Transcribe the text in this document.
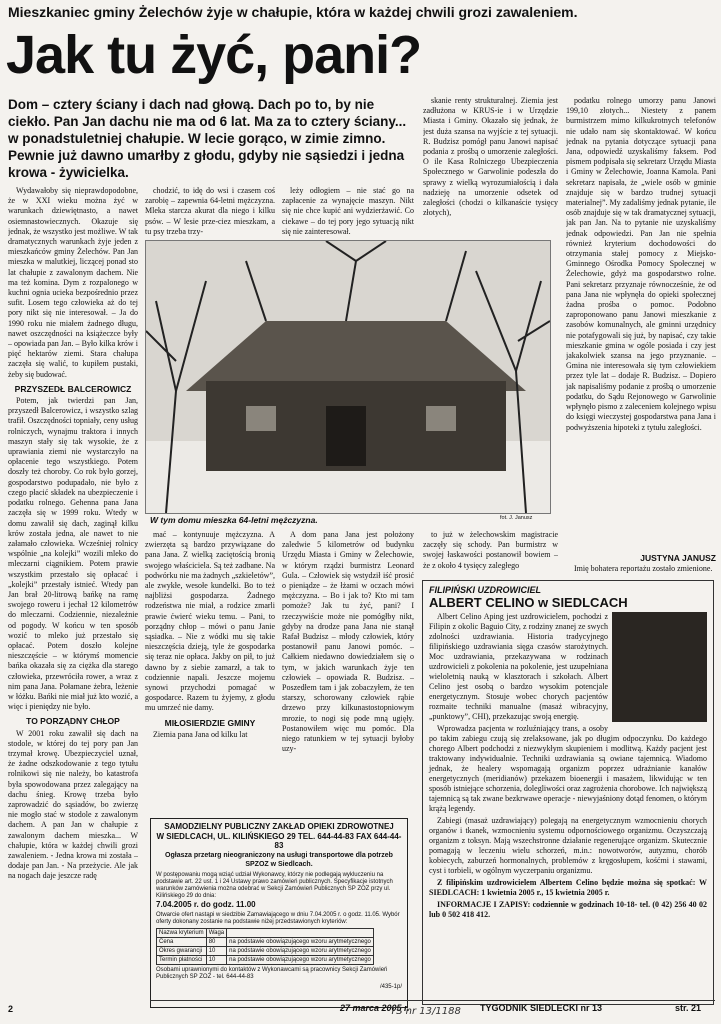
Mieszkaniec gminy Żelechów żyje w chałupie, która w każdej chwili grozi zawaleniem.
Jak tu żyć, pani?
Dom – cztery ściany i dach nad głową. Dach po to, by nie ciekło. Pan Jan dachu nie ma od 6 lat. Ma za to cztery ściany... w ponadstuletniej chałupie. W lecie gorąco, w zimie zimno. Pewnie już dawno umarłby z głodu, gdyby nie sąsiedzi i jedna krowa - żywicielka.

Wydawałoby się nieprawdopodobne, że w XXI wieku można żyć w warunkach dziewiętnasto, a nawet osiemnastowiecznych. Okazuje się jednak, że wszystko jest możliwe. W tak dramatycznych warunkach żyje jeden z mieszkańców gminy Żelechów. Pan Jan mieszka w malutkiej, liczącej ponad sto lat chałupie z zawalonym dachem. Nie ma też komina. Dym z rozpalonego w kuchni ognia ucieka bezpośrednio przez sufit. Losem tego człowieka aż do tej pory nikt się nie interesował. – Ja do 1990 roku nie miałem żadnego długu, nawet oszczędności na książeczce były – opowiada pan Jan. – Było kilka krów i pięć hektarów ziemi. Stara chałupa zaczęła się walić, to kupiłem pustaki, żeby się budować.

PRZYSZEDŁ BALCEROWICZ

Potem, jak twierdzi pan Jan, przyszedł Balcerowicz, i wszystko szlag trafił. Oszczędności topniały, ceny usług rolniczych, wynajmu traktora i innych maszyn stały się tak wysokie, że z uprawiania ziemi nie wystarczyło na opłacenie tego wszystkiego. Potem doszły też choroby. Co rok było gorzej, gospodarstwo podupadało, nie było z czego płacić składek na ubezpieczenie i podatku rolnego. Gehenna pana Jana zaczęła się w 1999 roku. Wtedy w domu zawalił się dach, zaginął kilku krów została jedna, ale nawet to nie załamało człowieka. Wcześniej rolnicy wspólnie „na kolejki” wozili mleko do mleczarni ciągnikiem. Potem prawie wszystkim przestało się opłacać i „kolejki” przestały istnieć. Wtedy pan Jan brał 20-litrową bańkę na ramę swojego roweru i jechał 12 kilometrów do mleczarni. Codziennie, niezależnie od pogody. W końcu w ten sposób wozić to mleko już przestało się opłacać. Potem doszło kolejne nieszczęście – w którymś momencie bańka okazała się za ciężka dla starego człowieka, przewróciła rower, a wraz z nim pana Jana. Połamane żebra, leżenie w łóżku. Bańki nie miał już kto wozić, a więc i pieniędzy nie było.

TO PORZĄDNY CHŁOP

W 2001 roku zawalił się dach na stodole, w której do tej pory pan Jan trzymał krowę. Ubezpieczyciel uznał, że żadne odszkodowanie z tego tytułu rolnikowi się nie należy, bo katastrofa była spowodowana przez zalegający na dachu śnieg. Krowę trzeba było zaprowadzić do sąsiadów, bo zwierzę nie mogło stać w stodole z zawalonym dachem. A pan Jan w chałupie z zawalonym dachem mieszka... W chałupie, która w każdej chwili grozi zawaleniem. - Jedna krowa mi została – dodaje pan Jan. - Na przeżycie. Ale jak na nogach daje jeszcze radę

chodzić, to idę do wsi i czasem coś zarobię – zapewnia 64-letni mężczyzna. Mleka starcza akurat dla niego i kilku psów. – W lesie prze-ciez mieszkam, a tu psy trzeba trzy-

leży odłogiem – nie stać go na zapłacenie za wynajęcie maszyn. Nikt się nie chce kupić ani wydzierżawić. Co ciekawe – do tej pory jego sytuacją nikt się nie zainteresował.

skanie renty strukturalnej. Ziemia jest zadłużona w KRUS-ie i w Urzędzie Miasta i Gminy. Okazało się jednak, że jest duża szansa na wyjście z tej sytuacji. R. Budzisz pomógł panu Janowi napisać podania z prośbą o umorzenie zaległości. O ile Kasa Rolniczego Ubezpieczenia Społecznego w Garwolinie podeszła do sprawy z wielką wyrozumiałością i dała nadzieję na umorzenie odsetek od zaległości (chodzi o kilkanaście tysięcy złotych),

podatku rolnego umorzy panu Janowi 199,10 złotych... Niestety z panem burmistrzem mimo kilkukrotnych telefonów nie udało nam się skontaktować. W końcu jednak na pytania dotyczące sytuacji pana Jana, odpowiedź uzyskaliśmy faksem. Pod pismem podpisała się sekretarz Urzędu Miasta i Gminy w Żelechowie, Joanna Kamola. Pani sekretarz napisała, że „wiele osób w gminie znajduje się w bardzo trudnej sytuacji materialnej”. My zadaliśmy jednak pytanie, ile osób znajduje się w tak dramatycznej sytuacji, jak pan Jan. Na to pytanie nie uzyskaliśmy jednak odpowiedzi. Pan Jan nie spełnia również kryterium dochodowości do otrzymania stałej pomocy z Miejsko-Gminnego Ośrodka Pomocy Społecznej w Żelechowie, gdyż ma gospodarstwo rolne. Pani sekretarz przyznaje równocześnie, że od pana Jana nie wpłynęła do opieki społecznej żadna prośba o pomoc. Podobno zaproponowano panu Janowi mieszkanie z zasobów komunalnych, ale gminni urzędnicy nie potafygowali się już, by napisać, czy takie mieszkanie gmina w ogóle posiada i czy jest jakakolwiek szansa na jego przyznanie. – Gmina nie interesowała się tym człowiekiem przez tyle lat – dodaje R. Budzisz. – Dopiero jak napisaliśmy podanie z prośbą o umorzenie podatku, do Sądu Rejonowego w Garwolinie wpłynęło pismo z zaleceniem kolejnego wpisu do księgi wieczystej gospodarstwa pana Jana i podwyższenia hipoteki z tytułu zaległości.

JUSTYNA JANUSZ

Imię bohatera reportażu zostało zmienione.

W tym domu mieszka 64-letni mężczyzna.	fot. J. Janusz

mać – kontynuuje mężczyzna. A zwierzęta są bardzo przywiązane do pana Jana. Z wielką zaciętością bronią swojego właściciela. Są też zadbane. Na podwórku nie ma żadnych „szkieletów”, ale zwykłe, wesołe kundelki. Bo to też najbliżsi gospodarza. Żadnego rodzeństwa nie miał, a rodzice zmarli prawie ćwierć wieku temu. – Pani, to porządny chłop – mówi o panu Janie sąsiadka. – Nie z wódki mu się takie nieszczęścia dzieją, tyle że gospodarka się teraz nie opłaca. Jakby on pił, to już dawno by z siebie zamarzł, a tak to codziennie napali. Jeszcze mojemu synowi przychodzi pomagać w gospodarce. Razem tu żyjemy, z głodu mu umrzeć nie damy.

MIŁOSIERDZIE GMINY

Ziemia pana Jana od kilku lat

A dom pana Jana jest położony zaledwie 5 kilometrów od budynku Urzędu Miasta i Gminy w Żelechowie, w którym rządzi burmistrz Leonard Gula. – Człowiek się wstydził iść prosić o pieniądze – że łżami w oczach mówi mężczyzna. – Bo i jak to? Kto mi tam pomoże? Jak tu żyć, pani? I rzeczywiście może nie pomógłby nikt, gdyby na drodze pana Jana nie stanął Rafał Budzisz – młody człowiek, który postanowił panu Janowi pomóc. – Całkiem niedawno dowiedziałem się o tym, w jakich warunkach żyje ten człowiek – opowiada R. Budzisz. – Poszedłem tam i jak zobaczyłem, że ten starszy, schorowany człowiek rąbie drzewo przy kilkunastostopniowym mrozie, to nogi się pode mną ugięły. Postanowiłem więc mu pomóc. Dla niego ratunkiem w tej sytuacji byłoby uzy-

to już w żelechowskim magistracie zaczęły się schody. Pan burmistrz w swojej łaskawości postanowił bowiem – że z około 4 tysięcy zaległego

SAMODZIELNY PUBLICZNY ZAKŁAD OPIEKI ZDROWOTNEJ
W SIEDLCACH, UL. KILIŃSKIEGO 29 TEL. 644-44-83 FAX 644-44-83
Ogłasza przetarg nieograniczony na usługi transportowe dla potrzeb SPZOZ w Siedlcach.
W postępowaniu mogą wziąć udział Wykonawcy, którzy nie podlegają wykluczeniu na podstawie art. 22 ust. 1 i 24 Ustawy prawo zamówień publicznych. Specyfikacje istotnych warunków zamówienia można odebrać w Sekcji Zamówień Publicznych SP ZOZ przy ul. Kilińskiego 29 do dnia:
7.04.2005 r. do godz. 11.00
Otwarcie ofert nastąpi w siedzibie Zamawiającego w dniu 7.04.2005 r. o godz. 11.05. Wybór oferty dokonany zostanie na podstawie niżej przedstawionych kryteriów:
Nazwa kryterium	Waga	
Cena	80	na podstawie obowiązującego wzoru arytmetycznego
Okres gwarancji	10	na podstawie obowiązującego wzoru arytmetycznego
Termin płatności	10	na podstawie obowiązującego wzoru arytmetycznego
Osobami uprawnionymi do kontaktów z Wykonawcami są pracownicy Sekcji Zamówień Publicznych SP ZOZ - tel. 644-44-83
/435-1p/
FILIPIŃSKI UZDROWICIEL
ALBERT CELINO w SIEDLCACH

Albert Celino Aping jest uzdrowicielem, pochodzi z Filipin z okolic Baguio City, z rodziny znanej ze swych zdolności uzdrawiania. Historia tradycyjnego filipińskiego uzdrawiania sięga czasów starożytnych. Moc uzdrawiania, przekazywana w rodzinach uzdrowicieli z pokolenia na pokolenie, jest uzupełniana wieloletnią nauką w klasztorach i szkołach. Albert Celino jest osobą o bardzo wysokim potencjale energetycznym. Stosuje wobec chorych pacjentów rozmaite techniki manualne (masaż wibracyjny, „punktowy”, CHI), przekazując swoją energię.

Wprowadza pacjenta w rozluźniający trans, a osoby po takim zabiegu czują się zrelaksowane, jak po długim odpoczynku. Do każdego chorego Albert podchodzi z niezwykłym skupieniem i modlitwą. Każdy pacjent jest traktowany indywidualnie. Techniki uzdrawiania są owiane tajemnicą. Wiadomo jednak, że healery wspomagają organizm poprzez udrażnianie kanałów energetycznych (meridianów) przekazem bioenergii i masażem, likwidując w ten sposób istniejące schorzenia, dolegliwości oraz zagrożenia chorobowe. Ich największą tajemnicą są tak zwane bezkrwawe operacje - niewyjaśniony dotąd fenomen, o którym krążą legendy.

Zabiegi (masaż uzdrawiający) polegają na energetycznym wzmocnieniu chorych organów i tkanek, wzmocnieniu systemu odpornościowego organizmu. Oczyszczają organizm z toksyn. Mają wszechstronne działanie regenerujące organizm. Skutecznie pomagają w leczeniu wielu schorzeń, m.in.: nowotworów, autyzmu, chorób kobiecych, zaburzeń hormonalnych, problemów z kręgosłupem, kośćmi i stawami, cyst i torbieli, w ogólnym wyczerpaniu organizmu.

Z filipińskim uzdrowicielem Albertem Celino będzie można się spotkać: W SIEDLCACH: 1 kwietnia 2005 r., 15 kwietnia 2005 r.

INFORMACJE I ZAPISY: codziennie w godzinach 10-18- tel. (0 42) 256 40 02 lub 0 502 418 412.

2	27 marca 2005 r.	TYGODNIK SIEDLECKI nr 13	str. 21
TS nr 13/1188
